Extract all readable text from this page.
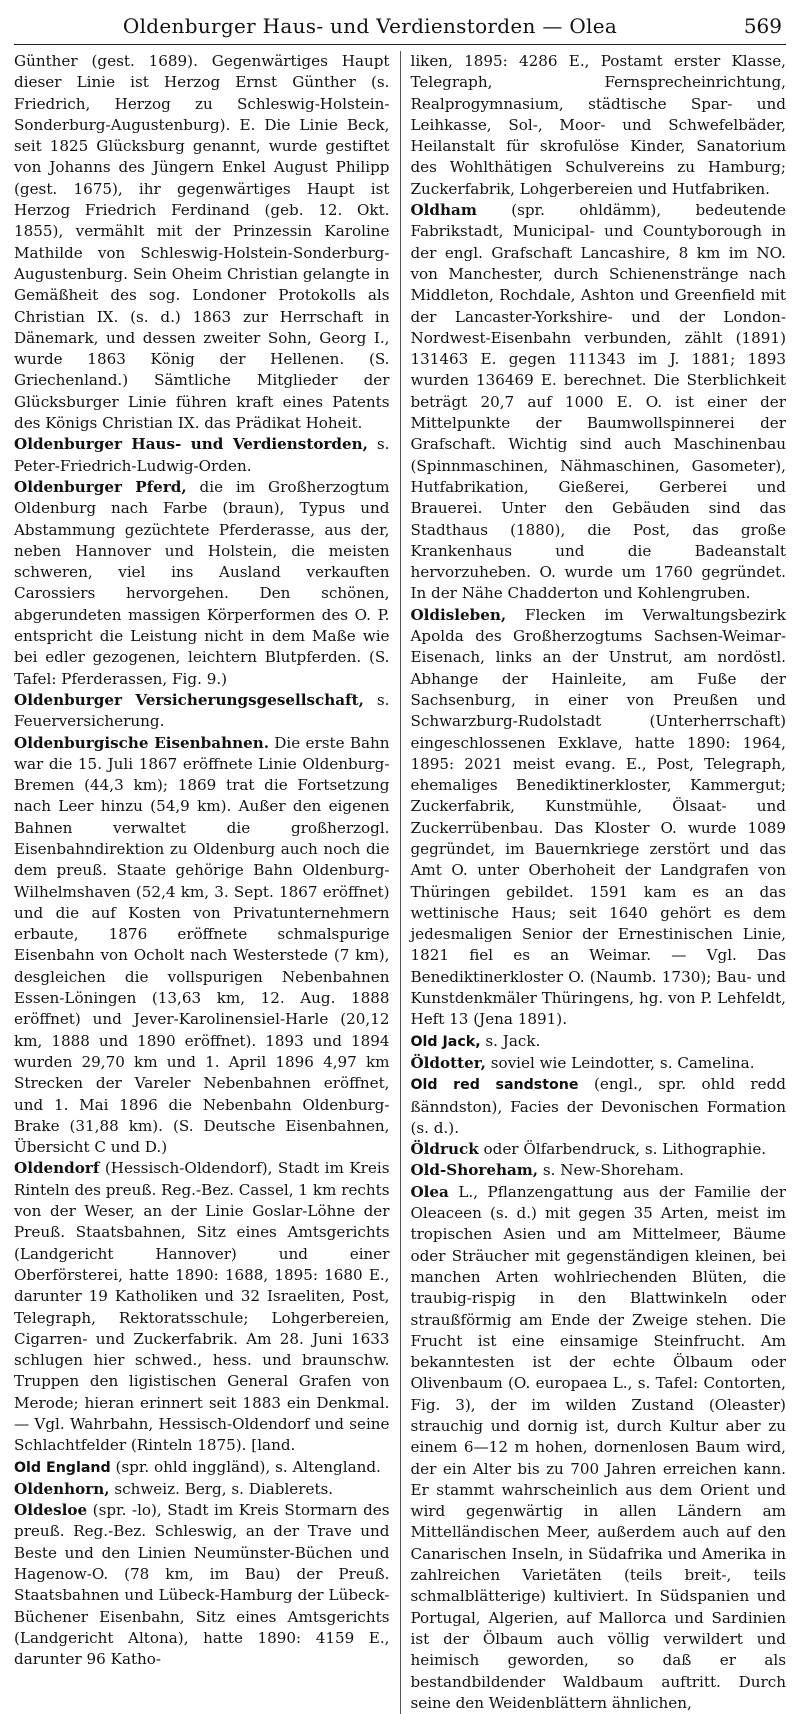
Oldenburger Haus- und Verdienstorden — Olea	569

Günther (gest. 1689). Gegenwärtiges Haupt dieser Linie ist Herzog Ernst Günther (s. Friedrich, Herzog zu Schleswig-Holstein-Sonderburg-Augustenburg). E. Die Linie Beck, seit 1825 Glücksburg genannt, wurde gestiftet von Johanns des Jüngern Enkel August Philipp (gest. 1675), ihr gegenwärtiges Haupt ist Herzog Friedrich Ferdinand (geb. 12. Okt. 1855), vermählt mit der Prinzessin Karoline Mathilde von Schleswig-Holstein-Sonderburg-Augustenburg. Sein Oheim Christian gelangte in Gemäßheit des sog. Londoner Protokolls als Christian IX. (s. d.) 1863 zur Herrschaft in Dänemark, und dessen zweiter Sohn, Georg I., wurde 1863 König der Hellenen. (S. Griechenland.) Sämtliche Mitglieder der Glücksburger Linie führen kraft eines Patents des Königs Christian IX. das Prädikat Hoheit.

Oldenburger Haus- und Verdienstorden, s. Peter-Friedrich-Ludwig-Orden.

Oldenburger Pferd, die im Großherzogtum Oldenburg nach Farbe (braun), Typus und Abstammung gezüchtete Pferderasse, aus der, neben Hannover und Holstein, die meisten schweren, viel ins Ausland verkauften Carossiers hervorgehen. Den schönen, abgerundeten massigen Körperformen des O. P. entspricht die Leistung nicht in dem Maße wie bei edler gezogenen, leichtern Blutpferden. (S. Tafel: Pferderassen, Fig. 9.)

Oldenburger Versicherungsgesellschaft, s. Feuerversicherung.

Oldenburgische Eisenbahnen. Die erste Bahn war die 15. Juli 1867 eröffnete Linie Oldenburg-Bremen (44,3 km); 1869 trat die Fortsetzung nach Leer hinzu (54,9 km). Außer den eigenen Bahnen verwaltet die großherzogl. Eisenbahndirektion zu Oldenburg auch noch die dem preuß. Staate gehörige Bahn Oldenburg-Wilhelmshaven (52,4 km, 3. Sept. 1867 eröffnet) und die auf Kosten von Privatunternehmern erbaute, 1876 eröffnete schmalspurige Eisenbahn von Ocholt nach Westerstede (7 km), desgleichen die vollspurigen Nebenbahnen Essen-Löningen (13,63 km, 12. Aug. 1888 eröffnet) und Jever-Karolinensiel-Harle (20,12 km, 1888 und 1890 eröffnet). 1893 und 1894 wurden 29,70 km und 1. April 1896 4,97 km Strecken der Vareler Nebenbahnen eröffnet, und 1. Mai 1896 die Nebenbahn Oldenburg-Brake (31,88 km). (S. Deutsche Eisenbahnen, Übersicht C und D.)

Oldendorf (Hessisch-Oldendorf), Stadt im Kreis Rinteln des preuß. Reg.-Bez. Cassel, 1 km rechts von der Weser, an der Linie Goslar-Löhne der Preuß. Staatsbahnen, Sitz eines Amtsgerichts (Landgericht Hannover) und einer Oberförsterei, hatte 1890: 1688, 1895: 1680 E., darunter 19 Katholiken und 32 Israeliten, Post, Telegraph, Rektoratsschule; Lohgerbereien, Cigarren- und Zuckerfabrik. Am 28. Juni 1633 schlugen hier schwed., hess. und braunschw. Truppen den ligistischen General Grafen von Merode; hieran erinnert seit 1883 ein Denkmal. — Vgl. Wahrbahn, Hessisch-Oldendorf und seine Schlachtfelder (Rinteln 1875). [land.

Old England (spr. ohld inggländ), s. Altengland.

Oldenhorn, schweiz. Berg, s. Diablerets.

Oldesloe (spr. -lo), Stadt im Kreis Stormarn des preuß. Reg.-Bez. Schleswig, an der Trave und Beste und den Linien Neumünster-Büchen und Hagenow-O. (78 km, im Bau) der Preuß. Staatsbahnen und Lübeck-Hamburg der Lübeck-Büchener Eisenbahn, Sitz eines Amtsgerichts (Landgericht Altona), hatte 1890: 4159 E., darunter 96 Katho-

liken, 1895: 4286 E., Postamt erster Klasse, Telegraph, Fernsprecheinrichtung, Realprogymnasium, städtische Spar- und Leihkasse, Sol-, Moor- und Schwefelbäder, Heilanstalt für skrofulöse Kinder, Sanatorium des Wohlthätigen Schulvereins zu Hamburg; Zuckerfabrik, Lohgerbereien und Hutfabriken.

Oldham (spr. ohldämm), bedeutende Fabrikstadt, Municipal- und Countyborough in der engl. Grafschaft Lancashire, 8 km im NO. von Manchester, durch Schienenstränge nach Middleton, Rochdale, Ashton und Greenfield mit der Lancaster-Yorkshire- und der London-Nordwest-Eisenbahn verbunden, zählt (1891) 131463 E. gegen 111343 im J. 1881; 1893 wurden 136469 E. berechnet. Die Sterblichkeit beträgt 20,7 auf 1000 E. O. ist einer der Mittelpunkte der Baumwollspinnerei der Grafschaft. Wichtig sind auch Maschinenbau (Spinnmaschinen, Nähmaschinen, Gasometer), Hutfabrikation, Gießerei, Gerberei und Brauerei. Unter den Gebäuden sind das Stadthaus (1880), die Post, das große Krankenhaus und die Badeanstalt hervorzuheben. O. wurde um 1760 gegründet. In der Nähe Chadderton und Kohlengruben.

Oldisleben, Flecken im Verwaltungsbezirk Apolda des Großherzogtums Sachsen-Weimar-Eisenach, links an der Unstrut, am nordöstl. Abhange der Hainleite, am Fuße der Sachsenburg, in einer von Preußen und Schwarzburg-Rudolstadt (Unterherrschaft) eingeschlossenen Exklave, hatte 1890: 1964, 1895: 2021 meist evang. E., Post, Telegraph, ehemaliges Benediktinerkloster, Kammergut; Zuckerfabrik, Kunstmühle, Ölsaat- und Zuckerrübenbau. Das Kloster O. wurde 1089 gegründet, im Bauernkriege zerstört und das Amt O. unter Oberhoheit der Landgrafen von Thüringen gebildet. 1591 kam es an das wettinische Haus; seit 1640 gehört es dem jedesmaligen Senior der Ernestinischen Linie, 1821 fiel es an Weimar. — Vgl. Das Benediktinerkloster O. (Naumb. 1730); Bau- und Kunstdenkmäler Thüringens, hg. von P. Lehfeldt, Heft 13 (Jena 1891).

Old Jack, s. Jack.

Öldotter, soviel wie Leindotter, s. Camelina.

Old red sandstone (engl., spr. ohld redd ßänndston), Facies der Devonischen Formation (s. d.).

Öldruck oder Ölfarbendruck, s. Lithographie.

Old-Shoreham, s. New-Shoreham.

Olea L., Pflanzengattung aus der Familie der Oleaceen (s. d.) mit gegen 35 Arten, meist im tropischen Asien und am Mittelmeer, Bäume oder Sträucher mit gegenständigen kleinen, bei manchen Arten wohlriechenden Blüten, die traubig-rispig in den Blattwinkeln oder straußförmig am Ende der Zweige stehen. Die Frucht ist eine einsamige Steinfrucht. Am bekanntesten ist der echte Ölbaum oder Olivenbaum (O. europaea L., s. Tafel: Contorten, Fig. 3), der im wilden Zustand (Oleaster) strauchig und dornig ist, durch Kultur aber zu einem 6—12 m hohen, dornenlosen Baum wird, der ein Alter bis zu 700 Jahren erreichen kann. Er stammt wahrscheinlich aus dem Orient und wird gegenwärtig in allen Ländern am Mittelländischen Meer, außerdem auch auf den Canarischen Inseln, in Südafrika und Amerika in zahlreichen Varietäten (teils breit-, teils schmalblätterige) kultiviert. In Südspanien und Portugal, Algerien, auf Mallorca und Sardinien ist der Ölbaum auch völlig verwildert und heimisch geworden, so daß er als bestandbildender Waldbaum auftritt. Durch seine den Weidenblättern ähnlichen,
